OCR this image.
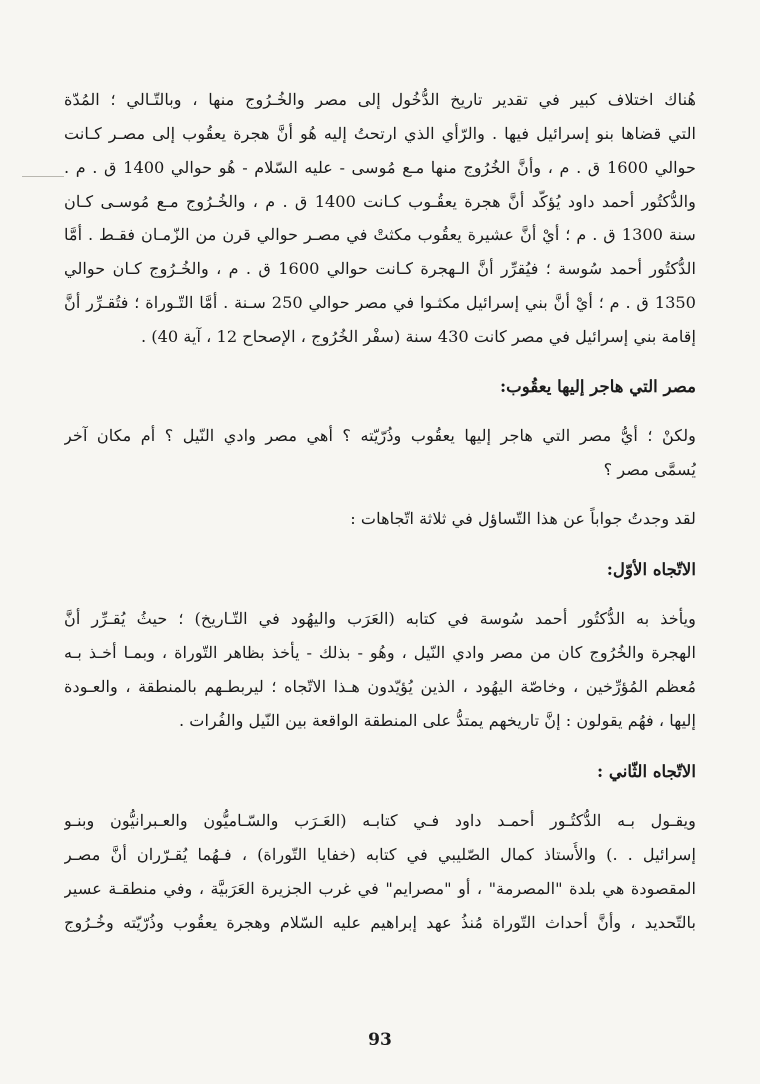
هُناك اختلاف كبير في تقدير تاريخ الدُّخُول إلى مصر والخُـرُوج منها ، وبالتّـالي ؛ المُدّة
التي قضاها بنو إسرائيل فيها . والرّأي الذي ارتحتُ إليه هُو أنَّ هجرة يعقُوب إلى مصـر كـانت
حوالي 1600 ق . م ، وأنَّ الخُرُوج منها مـع مُوسى - عليه السّلام - هُو حوالي 1400 ق . م .
والدُّكتُور أحمد داود يُؤكّد أنَّ هجرة يعقُـوب كـانت 1400 ق . م ، والخُـرُوج مـع مُوسـى كـان
سنة 1300 ق . م ؛ أيْ أنَّ عشيرة يعقُوب مكثتْ في مصـر حوالي قرن من الزّمـان فقـط . أمَّا
الدُّكتُور أحمد سُوسة ؛ فيُقرِّر أنَّ الـهجرة كـانت حوالي 1600 ق . م ، والخُـرُوج كـان حوالي
1350 ق . م ؛ أيْ أنَّ بني إسرائيل مكثـوا في مصر حوالي 250 سـنة . أمَّا التّـوراة ؛ فتُقـرِّر أنَّ
إقامة بني إسرائيل في مصر كانت 430 سنة (سفْر الخُرُوج ، الإصحاح 12 ، آية 40) .
مصر التي هاجر إليها يعقُوب:
ولكنْ ؛ أيُّ مصر التي هاجر إليها يعقُوب وذُرّيّته ؟ أهي مصر وادي النّيل ؟ أم مكان آخر
يُسمَّى مصر ؟
لقد وجدتُ جواباً عن هذا التّساؤل في ثلاثة اتّجاهات :
الاتّجاه الأوّل:
ويأخذ به الدُّكتُور أحمد سُوسة في كتابه (العَرَب واليهُود في التّـاريخ) ؛ حيثُ يُقـرِّر أنَّ
الهجرة والخُرُوج كان من مصر وادي النّيل ، وهُو - بذلك - يأخذ بظاهر التّوراة ، وبمـا أخـذ بـه
مُعظم المُؤرِّخين ، وخاصّة اليهُود ، الذين يُؤيّدون هـذا الاتّجاه ؛ ليربطـهم بالمنطقة ، والعـودة
إليها ، فهُم يقولون : إنَّ تاريخهم يمتدُّ على المنطقة الواقعة بين النّيل والفُرات .
الاتّجاه الثّاني :
ويقـول بـه الدُّكتُـور أحمـد داود فـي كتابـه (العَـرَب والسّـاميُّون والعـبرانيُّون وبنـو
إسرائيل . .) والأُستاذ كمال الصّليبي في كتابه (خفايا التّوراة) ، فـهُما يُقـرّران أنَّ مصـر
المقصودة هي بلدة "المصرمة" ، أو "مصرايم" في غرب الجزيرة العَرَبيَّة ، وفي منطقـة عسير
بالتّحديد ، وأنَّ أحداث التّوراة مُنذُ عهد إبراهيم عليه السّلام وهجرة يعقُوب وذُرّيّته وخُـرُوج
93
